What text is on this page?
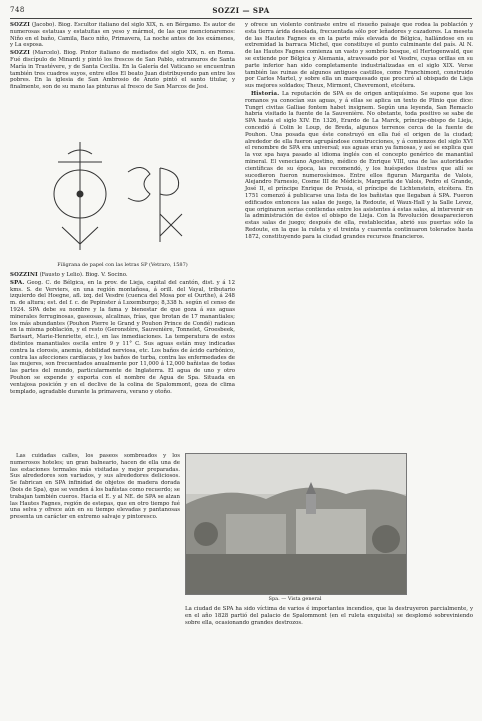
748	SOZZI — SPA

SOZZI (Jacobo). Biog. Escultor italiano del siglo XIX, n. en Bérgamo. Es autor de numerosas estatuas y estatuitas en yeso y mármol, de las que mencionaremos: Niño en el baño, Camila, Baco niño, Primavera, La noche antes de los exámenes, y La esposa.

SOZZI (Marcelo). Biog. Pintor italiano de mediados del siglo XIX, n. en Roma. Fué discípulo de Minardi y pintó los frescos de San Pablo, extramuros de Santa María in Trastévere, y de Santa Cecilia. En la Galería del Vaticano se encuentran también tres cuadros suyos, entre ellos El beato Juan distribuyendo pan entre los pobres. En la iglesia de San Ambrosio de Anzio pintó el santo titular, y finalmente, son de su mano las pinturas al fresco de San Marcos de Jesi.

Filigrana de papel con las letras SP (Vetraro, 1587)

SOZZINI (Fausto y Lelio). Biog. V. Socino.

SPA. Geog. C. de Bélgica, en la prov. de Lieja, capital del cantón, dist. y á 12 kms. S. de Verviers, en una región montañosa, á orill. del Vayal, tributario izquierdo del Hoegne, afl. izq. del Vesdre (cuenca del Mosa por el Ourthe), á 248 m. de altura; est. del f. c. de Pepinster á Luxemburgo; 8,338 h. según el censo de 1924. SPA debe su nombre y la fama y bienestar de que goza á sus aguas minerales ferruginosas, gaseosas, alcalinas, frías, que brotan de 17 manantiales; los más abundantes (Pouhon Pierre le Grand y Pouhon Prince de Condé) radican en la misma población, y el resto (Geronstère, Sauvenière, Tonnelet, Groesbeek, Barisart, Marie-Henriette, etc.), en las inmediaciones. La temperatura de estos distintos manantiales oscila entre 9 y 11° C. Sus aguas están muy indicadas contra la clorosis, anemia, debilidad nerviosa, etc. Los baños de ácido carbónico, contra las afecciones cardíacas, y los baños de turba, contra las enfermedades de las mujeres, son frecuentados anualmente por 11,000 á 12,000 bañistas de todas las partes del mundo, particularmente de Inglaterra. El agua de uno y otro Pouhon se expende y exporta con el nombre de Agua de Spa. Situada en ventajosa posición y en el declive de la colina de Spalommont, goza de clima templado, agradable durante la primavera, verano y otoño.

Las cuidadas calles, los paseos sombreados y los numerosos hoteles; un gran balneario, hacen de ella una de las estaciones termales más visitadas y mejor preparadas. Sus alrededores son variados, y sus alrededores deliciosos. Se fabrican en SPA infinidad de objetos de madera dorada (bois de Spa), que se venden á los bañistas como recuerdo; se trabajan también cueros. Hacia el E. y al NE. de SPA se alzan las Hautes Fagnes, región de estepas, que en otro tiempo fué una selva y ofrece aún en su tiempo elevadas y pantanosas presenta un carácter en extremo salvaje y pintoresco.

y ofrece un violento contraste entre el risueño paisaje que rodea la población y esta tierra árida desolada, frecuentada sólo por leñadores y cazadores. La meseta de las Hautes Fagnes es en la parte más elevada de Bélgica, hallándose en su extremidad la barraca Michel, que constituye el punto culminante del país. Al N. de las Hautes Fagnes comienza un vasto y sombrío bosque, el Hertogenwald, que se extiende por Bélgica y Alemania, atravesado por el Vesdre, cuyas orillas en su parte inferior han sido completamente industrializadas en el siglo XIX. Verse también las ruinas de algunos antiguos castillos, como Franchimont, construido por Carlos Martel, y sobre ella un marquesado que procuró al obispado de Lieja sus mejores soldados; Theux, Mirmont, Chevremont, etcétera.

Historia. La reputación de SPA es de origen antiquísimo. Se supone que los romanos ya conocían sus aguas, y á ellas se aplica un texto de Plinio que dice: Tungri civitas Galliae fontem habet insignem. Según una leyenda, San Remaclo habría visitado la fuente de la Sauvenière. No obstante, toda positivo se sabe de SPA hasta el siglo XIV. En 1326, Erardo de La Marck, príncipe-obispo de Lieja, concedió á Colin le Loup, de Breda, algunos terrenos cerca de la fuente de Pouhon. Una posada que éste construyó en ella fué el origen de la ciudad; alrededor de ella fueron agrupándose construcciones, y á comienzos del siglo XVI el renombre de SPA era universal; sus aguas eran ya famosas, y así se explica que la voz spa haya pasado al idioma inglés con el concepto genérico de manantial mineral. El veneciano Agostino, médico de Enrique VIII, una de las autoridades científicas de su época, las recomendó, y los huéspedes ilustres que allí se sucedieron fueron numerosísimos. Entre ellos figuran Margarita de Valois, Alejandro Farnesio, Cosme III de Médicis, Margarita de Valois, Pedro el Grande, José II, el príncipe Enrique de Prusia, el príncipe de Lichtenstein, etcétera. En 1751 comenzó á publicarse una lista de los bañistas que llegaban á SPA. Fueron edificados entonces las salas de juego, la Redoute, el Waux-Hall y la Salle Levoz, que originaron serias contiendas entre los asistentes á estas salas, al intervenir en la administración de éstos el obispo de Lieja. Con la Revolución desaparecieron estas salas de juego; después de ella, restablecidas, abrió sus puertas sólo la Redoute, en la que la ruleta y el treinta y cuarenta continuaron tolerados hasta 1872, constituyendo para la ciudad grandes recursos financieros.

Spa. — Vista general

La ciudad de SPA ha sido víctima de varios é importantes incendios, que la destruyeron parcialmente, y en el año 1828 partió del palacio de Spalommont (en el ruleta exquisita) se desplomó sobreviniendo sobre ella, ocasionando grandes destrozos.
